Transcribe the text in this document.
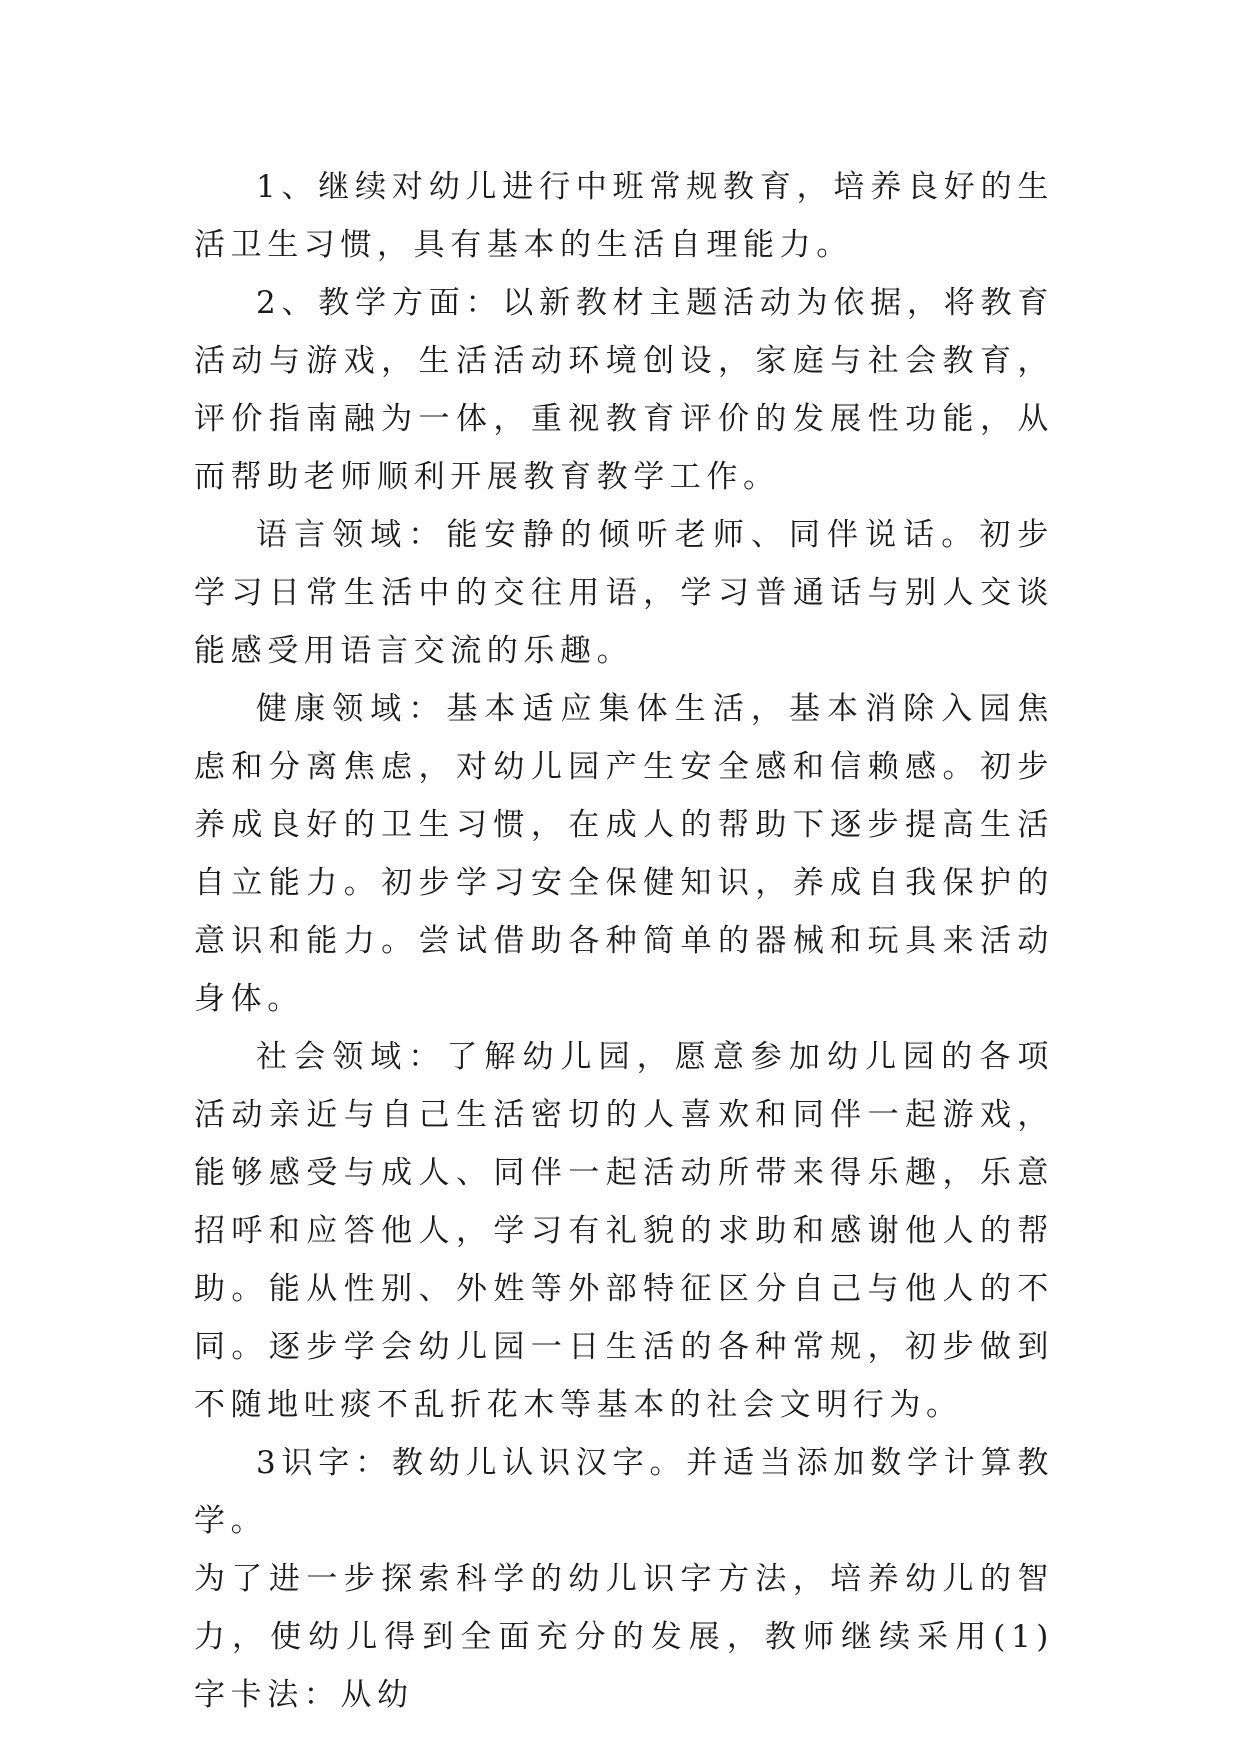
1、继续对幼儿进行中班常规教育，培养良好的生活卫生习惯，具有基本的生活自理能力。

2、教学方面：以新教材主题活动为依据，将教育活动与游戏，生活活动环境创设，家庭与社会教育，评价指南融为一体，重视教育评价的发展性功能，从而帮助老师顺利开展教育教学工作。

语言领域：能安静的倾听老师、同伴说话。初步学习日常生活中的交往用语，学习普通话与别人交谈能感受用语言交流的乐趣。

健康领域：基本适应集体生活，基本消除入园焦虑和分离焦虑，对幼儿园产生安全感和信赖感。初步养成良好的卫生习惯，在成人的帮助下逐步提高生活自立能力。初步学习安全保健知识，养成自我保护的意识和能力。尝试借助各种简单的器械和玩具来活动身体。

社会领域：了解幼儿园，愿意参加幼儿园的各项活动亲近与自己生活密切的人喜欢和同伴一起游戏，能够感受与成人、同伴一起活动所带来得乐趣，乐意招呼和应答他人，学习有礼貌的求助和感谢他人的帮助。能从性别、外姓等外部特征区分自己与他人的不同。逐步学会幼儿园一日生活的各种常规，初步做到不随地吐痰不乱折花木等基本的社会文明行为。

3识字：教幼儿认识汉字。并适当添加数学计算教学。

为了进一步探索科学的幼儿识字方法，培养幼儿的智力，使幼儿得到全面充分的发展，教师继续采用(1)字卡法：从幼
